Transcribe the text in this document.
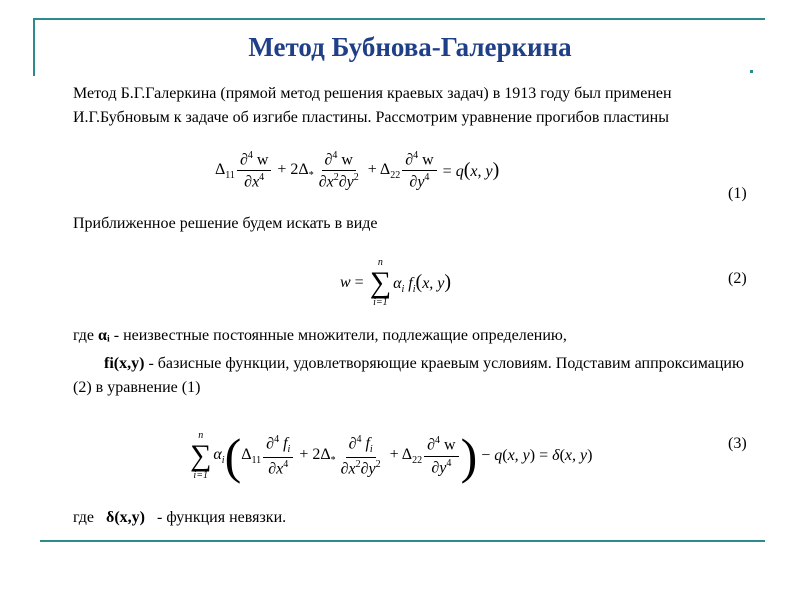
Метод Бубнова-Галеркина
Метод Б.Г.Галеркина (прямой метод решения краевых задач) в 1913 году был применен И.Г.Бубновым к задаче об изгибе пластины. Рассмотрим уравнение прогибов пластины
$\Delta_{11} \frac{\partial^4 w}{\partial x^4} + 2\Delta_* \frac{\partial^4 w}{\partial x^2\partial y^2} + \Delta_{22} \frac{\partial^4 w}{\partial y^4} = q(x$, y)
(1)
Приближенное решение будем искать в виде
w =
n
∑
i=1
$\alpha_i$ $f_i(x$, y)	(2)
где αᵢ - неизвестные постоянные множители, подлежащие определению,
fi(x,y) - базисные функции, удовлетворяющие краевым условиям. Подставим аппроксимацию (2) в уравнение (1)
n
∑
i=1
$\alpha_i$ ( $\Delta_{11} \frac{\partial^4 f_i}{\partial x^4} + 2\Delta_* \frac{\partial^4 f_i}{\partial x^2\partial y^2} + \Delta_{22} \frac{\partial^4 w}{\partial y^4}$ ) − q(x, y) = δ(x, y)
(3)
где   δ(x,y)   - функция невязки.
